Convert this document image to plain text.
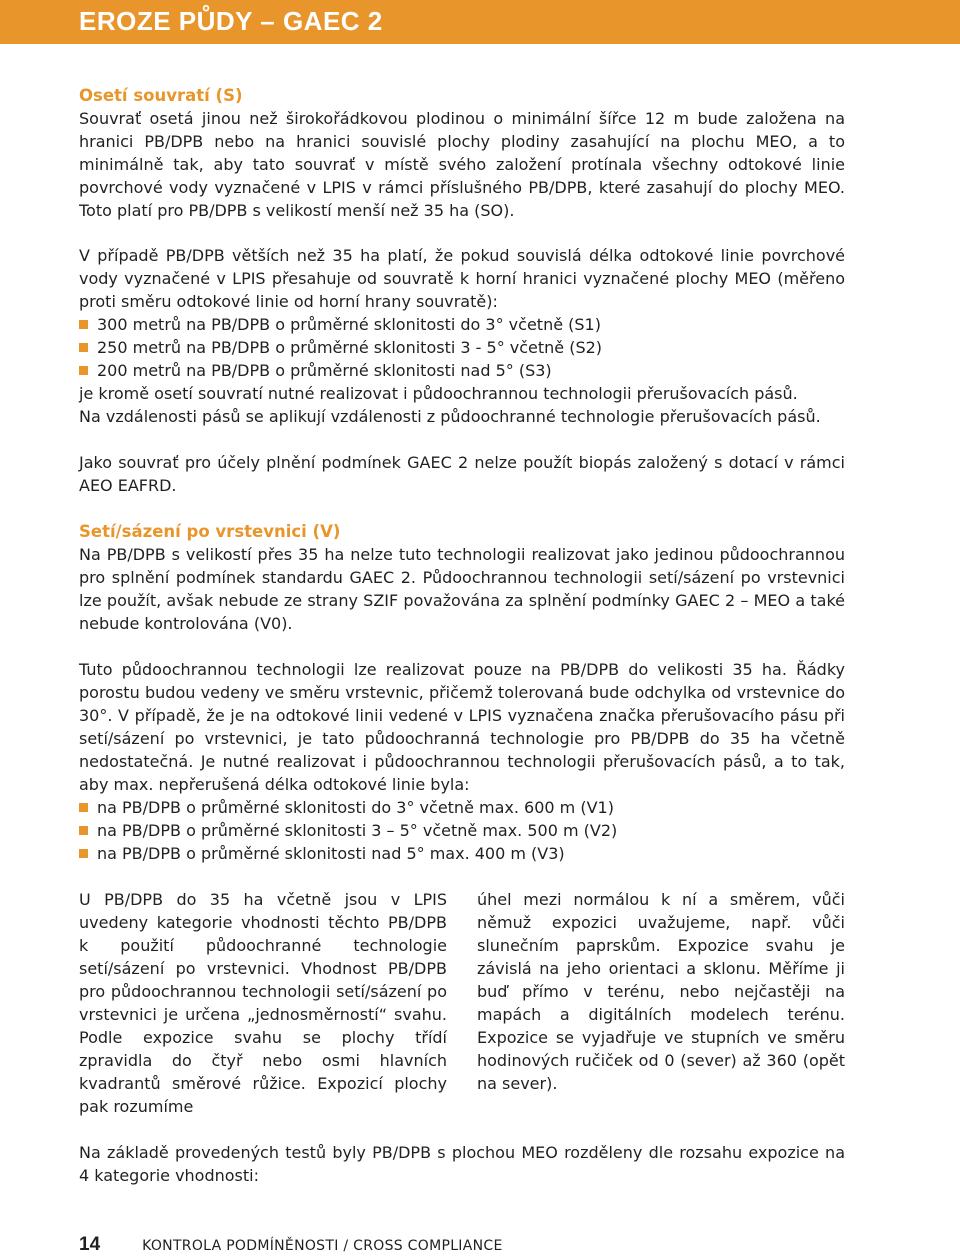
EROZE PŮDY – GAEC 2
Osetí souvratí (S)

Souvrať osetá jinou než širokořádkovou plodinou o minimální šířce 12 m bude založena na hranici PB/DPB nebo na hranici souvislé plochy plodiny zasahující na plochu MEO, a to minimálně tak, aby tato souvrať v místě svého založení protínala všechny odtokové linie povrchové vody vyznačené v LPIS v rámci příslušného PB/DPB, které zasahují do plochy MEO. Toto platí pro PB/DPB s velikostí menší než 35 ha (SO).

V případě PB/DPB větších než 35 ha platí, že pokud souvislá délka odtokové linie povrchové vody vyznačené v LPIS přesahuje od souvratě k horní hranici vyznačené plochy MEO (měřeno proti směru odtokové linie od horní hrany souvratě):

300 metrů na PB/DPB o průměrné sklonitosti do 3° včetně (S1)
250 metrů na PB/DPB o průměrné sklonitosti 3 - 5° včetně (S2)
200 metrů na PB/DPB o průměrné sklonitosti nad 5° (S3)

je kromě osetí souvratí nutné realizovat i půdoochrannou technologii přerušovacích pásů.

Na vzdálenosti pásů se aplikují vzdálenosti z půdoochranné technologie přerušovacích pásů.

Jako souvrať pro účely plnění podmínek GAEC 2 nelze použít biopás založený s dotací v rámci AEO EAFRD.

Setí/sázení po vrstevnici (V)

Na PB/DPB s velikostí přes 35 ha nelze tuto technologii realizovat jako jedinou půdoochrannou pro splnění podmínek standardu GAEC 2. Půdoochrannou technologii setí/sázení po vrstevnici lze použít, avšak nebude ze strany SZIF považována za splnění podmínky GAEC 2 – MEO a také nebude kontrolována (V0).

Tuto půdoochrannou technologii lze realizovat pouze na PB/DPB do velikosti 35 ha. Řádky porostu budou vedeny ve směru vrstevnic, přičemž tolerovaná bude odchylka od vrstevnice do 30°. V případě, že je na odtokové linii vedené v LPIS vyznačena značka přerušovacího pásu při setí/sázení po vrstevnici, je tato půdoochranná technologie pro PB/DPB do 35 ha včetně nedostatečná. Je nutné realizovat i půdoochrannou technologii přerušovacích pásů, a to tak, aby max. nepřerušená délka odtokové linie byla:

na PB/DPB o průměrné sklonitosti do 3° včetně max. 600 m (V1)
na PB/DPB o průměrné sklonitosti 3 – 5° včetně max. 500 m (V2)
na PB/DPB o průměrné sklonitosti nad 5° max. 400 m (V3)

U PB/DPB do 35 ha včetně jsou v LPIS uvedeny kategorie vhodnosti těchto PB/DPB k použití půdoochranné technologie setí/sázení po vrstevnici. Vhodnost PB/DPB pro půdoochrannou technologii setí/sázení po vrstevnici je určena „jednosměrností“ svahu. Podle expozice svahu se plochy třídí zpravidla do čtyř nebo osmi hlavních kvadrantů směrové růžice. Expozicí plochy pak rozumíme

úhel mezi normálou k ní a směrem, vůči němuž expozici uvažujeme, např. vůči slunečním paprskům. Expozice svahu je závislá na jeho orientaci a sklonu. Měříme ji buď přímo v terénu, nebo nejčastěji na mapách a digitálních modelech terénu. Expozice se vyjadřuje ve stupních ve směru hodinových ručiček od 0 (sever) až 360 (opět na sever).

Na základě provedených testů byly PB/DPB s plochou MEO rozděleny dle rozsahu expozice na 4 kategorie vhodnosti:

14	KONTROLA PODMÍNĚNOSTI / CROSS COMPLIANCE
